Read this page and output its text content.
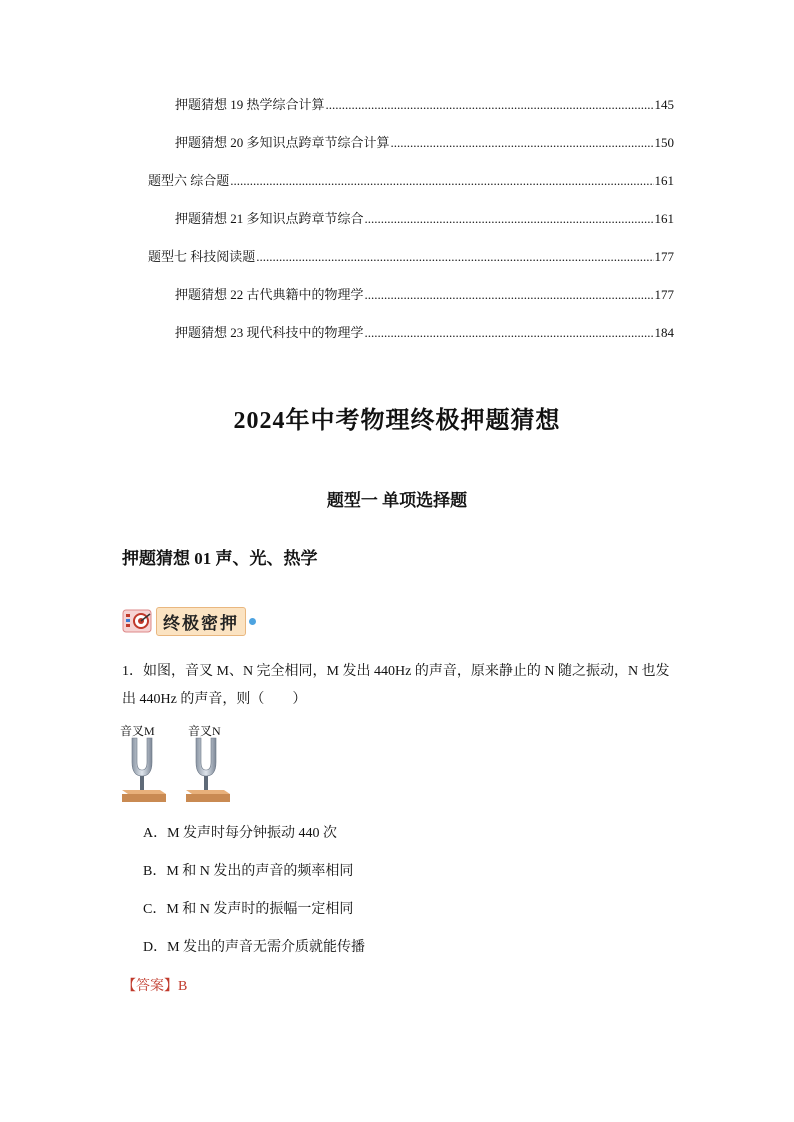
押题猜想 19 热学综合计算 .....	145
押题猜想 20 多知识点跨章节综合计算 .....	150
题型六 综合题 .....	161
押题猜想 21 多知识点跨章节综合 .....	161
题型七 科技阅读题 .....	177
押题猜想 22 古代典籍中的物理学 .....	177
押题猜想 23 现代科技中的物理学 .....	184
2024年中考物理终极押题猜想
题型一 单项选择题
押题猜想 01 声、光、热学
终极密押
1．如图，音叉 M、N 完全相同，M 发出 440Hz 的声音，原来静止的 N 随之振动，N 也发出 440Hz 的声音，则（　　）
音叉M	音叉N
A．M 发声时每分钟振动 440 次
B．M 和 N 发出的声音的频率相同
C．M 和 N 发声时的振幅一定相同
D．M 发出的声音无需介质就能传播
【答案】B
